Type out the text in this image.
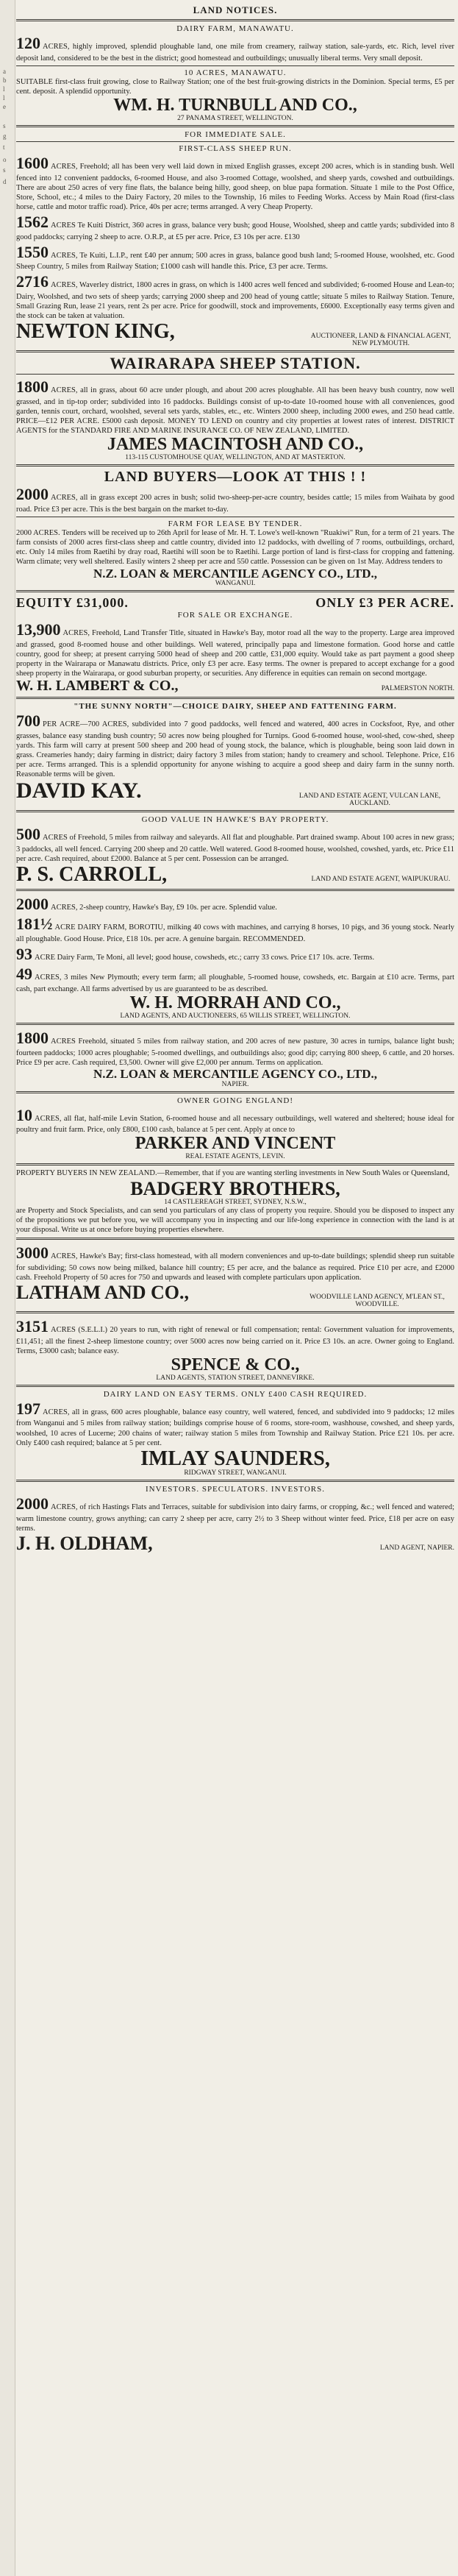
a
b
l
l
e
s
g
t
o
s
d
LAND NOTICES.
DAIRY FARM, MANAWATU.

120 ACRES, highly improved, splendid ploughable land, one mile from creamery, railway station, sale-yards, etc. Rich, level river deposit land, considered to be the best in the district; good homestead and outbuildings; unusually liberal terms. Very small deposit.

10 ACRES, MANAWATU.

SUITABLE first-class fruit growing, close to Railway Station; one of the best fruit-growing districts in the Dominion. Special terms, £5 per cent. deposit. A splendid opportunity.

WM. H. TURNBULL AND CO.,
27 PANAMA STREET, WELLINGTON.
FOR IMMEDIATE SALE.
FIRST-CLASS SHEEP RUN.

1600 ACRES, Freehold; all has been very well laid down in mixed English grasses, except 200 acres, which is in standing bush. Well fenced into 12 convenient paddocks, 6-roomed House, and also 3-roomed Cottage, woolshed, and sheep yards, cowshed and outbuildings. There are about 250 acres of very fine flats, the balance being hilly, good sheep, on blue papa formation. Situate 1 mile to the Post Office, Store, School, etc.; 4 miles to the Dairy Factory, 20 miles to the Township, 16 miles to Feeding Works. Access by Main Road (first-class horse, cattle and motor traffic road). Price, 40s per acre; terms arranged. A very Cheap Property.

1562 ACRES Te Kuiti District, 360 acres in grass, balance very bush; good House, Woolshed, sheep and cattle yards; subdivided into 8 good paddocks; carrying 2 sheep to acre. O.R.P., at £5 per acre. Price, £3 10s per acre. £130

1550 ACRES, Te Kuiti, L.I.P., rent £40 per annum; 500 acres in grass, balance good bush land; 5-roomed House, woolshed, etc. Good Sheep Country, 5 miles from Railway Station; £1000 cash will handle this. Price, £3 per acre. Terms.

2716 ACRES, Waverley district, 1800 acres in grass, on which is 1400 acres well fenced and subdivided; 6-roomed House and Lean-to; Dairy, Woolshed, and two sets of sheep yards; carrying 2000 sheep and 200 head of young cattle; situate 5 miles to Railway Station. Tenure, Small Grazing Run, lease 21 years, rent 2s per acre. Price for goodwill, stock and improvements, £6000. Exceptionally easy terms given and the stock can be taken at valuation.

NEWTON KING,	AUCTIONEER, LAND & FINANCIAL AGENT, NEW PLYMOUTH.
WAIRARAPA SHEEP STATION.

1800 ACRES, all in grass, about 60 acre under plough, and about 200 acres ploughable. All has been heavy bush country, now well grassed, and in tip-top order; subdivided into 16 paddocks. Buildings consist of up-to-date 10-roomed house with all conveniences, good garden, tennis court, orchard, woolshed, several sets yards, stables, etc., etc. Winters 2000 sheep, including 2000 ewes, and 250 head cattle. PRICE—£12 PER ACRE. £5000 cash deposit. MONEY TO LEND on country and city properties at lowest rates of interest. DISTRICT AGENTS for the STANDARD FIRE AND MARINE INSURANCE CO. OF NEW ZEALAND, LIMITED.

JAMES MACINTOSH AND CO.,
113-115 CUSTOMHOUSE QUAY, WELLINGTON, AND AT MASTERTON.
LAND BUYERS—LOOK AT THIS ! !

2000 ACRES, all in grass except 200 acres in bush; solid two-sheep-per-acre country, besides cattle; 15 miles from Waihata by good road. Price £3 per acre. This is the best bargain on the market to-day.

FARM FOR LEASE BY TENDER.

2000 ACRES. Tenders will be received up to 26th April for lease of Mr. H. T. Lowe's well-known "Ruakiwi" Run, for a term of 21 years. The farm consists of 2000 acres first-class sheep and cattle country, divided into 12 paddocks, with dwelling of 7 rooms, outbuildings, orchard, etc. Only 14 miles from Raetihi by dray road, Raetihi will soon be to Raetihi. Large portion of land is first-class for cropping and fattening. Warm climate; very well sheltered. Easily winters 2 sheep per acre and 550 cattle. Possession can be given on 1st May. Address tenders to

N.Z. LOAN & MERCANTILE AGENCY CO., LTD.,
WANGANUI.
EQUITY £31,000.	ONLY £3 PER ACRE.
FOR SALE OR EXCHANGE.

13,900 ACRES, Freehold, Land Transfer Title, situated in Hawke's Bay, motor road all the way to the property. Large area improved and grassed, good 8-roomed house and other buildings. Well watered, principally papa and limestone formation. Good horse and cattle country, good for sheep; at present carrying 5000 head of sheep and 200 cattle, £31,000 equity. Would take as part payment a good sheep property in the Wairarapa or Manawatu districts. Price, only £3 per acre. Easy terms. The owner is prepared to accept exchange for a good sheep property in the Wairarapa, or good suburban property, or securities. Any difference in equities can remain on second mortgage.

W. H. LAMBERT & CO.,	PALMERSTON NORTH.
"THE SUNNY NORTH"—CHOICE DAIRY, SHEEP AND FATTENING FARM.

700 PER ACRE—700 ACRES, subdivided into 7 good paddocks, well fenced and watered, 400 acres in Cocksfoot, Rye, and other grasses, balance easy standing bush country; 50 acres now being ploughed for Turnips. Good 6-roomed house, wool-shed, cow-shed, sheep yards. This farm will carry at present 500 sheep and 200 head of young stock, the balance, which is ploughable, being soon laid down in grass. Creameries handy; dairy farming in district; dairy factory 3 miles from station; handy to creamery and school. Telephone. Price, £16 per acre. Terms arranged. This is a splendid opportunity for anyone wishing to acquire a good sheep and dairy farm in the sunny north. Reasonable terms will be given.

DAVID KAY.	LAND AND ESTATE AGENT, VULCAN LANE, AUCKLAND.
GOOD VALUE IN HAWKE'S BAY PROPERTY.

500 ACRES of Freehold, 5 miles from railway and saleyards. All flat and ploughable. Part drained swamp. About 100 acres in new grass; 3 paddocks, all well fenced. Carrying 200 sheep and 20 cattle. Well watered. Good 8-roomed house, woolshed, cowshed, yards, etc. Price £11 per acre. Cash required, about £2000. Balance at 5 per cent. Possession can be arranged.

P. S. CARROLL,	LAND AND ESTATE AGENT, WAIPUKURAU.

2000 ACRES, 2-sheep country, Hawke's Bay, £9 10s. per acre. Splendid value.

181½ ACRE DAIRY FARM, BOROTIU, milking 40 cows with machines, and carrying 8 horses, 10 pigs, and 36 young stock. Nearly all ploughable. Good House. Price, £18 10s. per acre. A genuine bargain. RECOMMENDED.

93 ACRE Dairy Farm, Te Moni, all level; good house, cowsheds, etc.; carry 33 cows. Price £17 10s. acre. Terms.

49 ACRES, 3 miles New Plymouth; every term farm; all ploughable, 5-roomed house, cowsheds, etc. Bargain at £10 acre. Terms, part cash, part exchange. All farms advertised by us are guaranteed to be as described.

W. H. MORRAH AND CO.,
LAND AGENTS, AND AUCTIONEERS, 65 WILLIS STREET, WELLINGTON.

1800 ACRES Freehold, situated 5 miles from railway station, and 200 acres of new pasture, 30 acres in turnips, balance light bush; fourteen paddocks; 1000 acres ploughable; 5-roomed dwellings, and outbuildings also; good dip; carrying 800 sheep, 6 cattle, and 20 horses. Price £9 per acre. Cash required, £3,500. Owner will give £2,000 per annum. Terms on application.

N.Z. LOAN & MERCANTILE AGENCY CO., LTD.,
NAPIER.
OWNER GOING ENGLAND!

10 ACRES, all flat, half-mile Levin Station, 6-roomed house and all necessary outbuildings, well watered and sheltered; house ideal for poultry and fruit farm. Price, only £800, £100 cash, balance at 5 per cent. Apply at once to

PARKER AND VINCENT
REAL ESTATE AGENTS, LEVIN.

PROPERTY BUYERS IN NEW ZEALAND.—Remember, that if you are wanting sterling investments in New South Wales or Queensland,

BADGERY BROTHERS,
14 CASTLEREAGH STREET, SYDNEY, N.S.W.,

are Property and Stock Specialists, and can send you particulars of any class of property you require. Should you be disposed to inspect any of the propositions we put before you, we will accompany you in inspecting and our life-long experience in connection with the land is at your disposal. Write us at once before buying properties elsewhere.

3000 ACRES, Hawke's Bay; first-class homestead, with all modern conveniences and up-to-date buildings; splendid sheep run suitable for subdividing; 50 cows now being milked, balance hill country; £5 per acre, and the balance as required. Price £10 per acre, and £2000 cash. Freehold Property of 50 acres for 750 and upwards and leased with complete particulars upon application.

LATHAM AND CO.,	WOODVILLE LAND AGENCY, M'LEAN ST., WOODVILLE.

3151 ACRES (S.E.L.I.) 20 years to run, with right of renewal or full compensation; rental: Government valuation for improvements, £11,451; all the finest 2-sheep limestone country; over 5000 acres now being carried on it. Price £3 10s. an acre. Owner going to England. Terms, £3000 cash; balance easy.

SPENCE & CO.,
LAND AGENTS, STATION STREET, DANNEVIRKE.
DAIRY LAND ON EASY TERMS. ONLY £400 CASH REQUIRED.

197 ACRES, all in grass, 600 acres ploughable, balance easy country, well watered, fenced, and subdivided into 9 paddocks; 12 miles from Wanganui and 5 miles from railway station; buildings comprise house of 6 rooms, store-room, washhouse, cowshed, and sheep yards, woolshed, 10 acres of Lucerne; 200 chains of water; railway station 5 miles from Township and Railway Station. Price £21 10s. per acre. Only £400 cash required; balance at 5 per cent.

IMLAY SAUNDERS,
RIDGWAY STREET, WANGANUI.
INVESTORS. SPECULATORS. INVESTORS.

2000 ACRES, of rich Hastings Flats and Terraces, suitable for subdivision into dairy farms, or cropping, &c.; well fenced and watered; warm limestone country, grows anything; can carry 2 sheep per acre, carry 2½ to 3 Sheep without winter feed. Price, £18 per acre on easy terms.

J. H. OLDHAM,	LAND AGENT, NAPIER.
